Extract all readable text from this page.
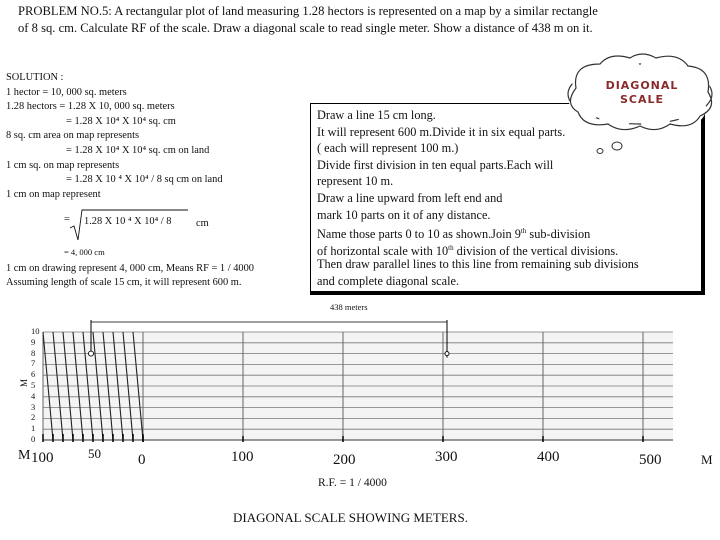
PROBLEM NO.5: A rectangular plot of land measuring 1.28 hectors is represented on a map by a similar rectangle
of 8 sq. cm. Calculate RF of the scale. Draw a diagonal scale to read single meter. Show a distance of 438 m on it.
SOLUTION :
1 hector = 10, 000 sq. meters
1.28 hectors = 1.28 X 10, 000 sq. meters
= 1.28 X 10⁴ X 10⁴ sq. cm
8 sq. cm area on map represents
= 1.28 X 10⁴ X 10⁴ sq. cm on land
1 cm sq. on map represents
= 1.28 X 10 ⁴ X 10⁴ / 8 sq cm on land
1 cm on map represent
= 1.28 X 10 ⁴ X 10⁴ / 8 cm
= 4, 000 cm
1 cm on drawing represent 4, 000 cm, Means RF = 1 / 4000
Assuming length of scale 15 cm, it will represent 600 m.
Draw a line 15 cm long.
It will represent 600 m.Divide it in six equal parts.
( each will represent 100 m.)
Divide first division in ten equal parts.Each will
represent 10 m.
Draw a line upward from left end and
mark 10 parts on it of any distance.
Name those parts 0 to 10 as shown.Join 9th sub-division
of horizontal scale with 10th division of the vertical divisions.
Then draw parallel lines to this line from remaining sub divisions
and complete diagonal scale.
DIAGONAL
SCALE
438 meters
M
10
9
8
7
6
5
4
3
2
1
0
M 100	50 0	100	200	300	400	500	M
R.F. = 1 / 4000
DIAGONAL SCALE SHOWING METERS.
